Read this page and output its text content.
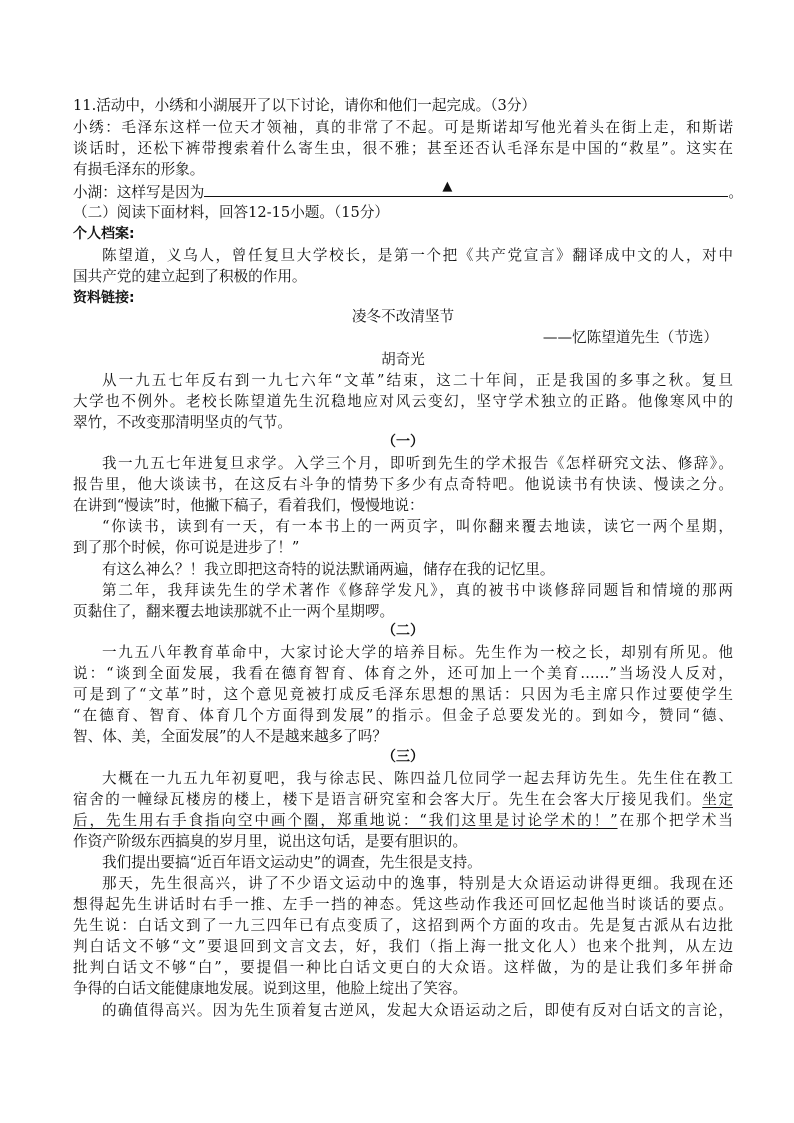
11.活动中，小绣和小湖展开了以下讨论，请你和他们一起完成。（3分）
小绣：毛泽东这样一位天才领袖，真的非常了不起。可是斯诺却写他光着头在街上走，和斯诺
谈话时，还松下裤带搜索着什么寄生虫，很不雅；甚至还否认毛泽东是中国的“救星”。这实在
有损毛泽东的形象。
小湖：这样写是因为	▲	。
（二）阅读下面材料，回答12-15小题。（15分）
个人档案:
陈望道，义乌人，曾任复旦大学校长，是第一个把《共产党宣言》翻译成中文的人，对中
国共产党的建立起到了积极的作用。
资料链接:
凌冬不改清坚节
——忆陈望道先生（节选）
胡奇光
从一九五七年反右到一九七六年“文革”结束，这二十年间，正是我国的多事之秋。复旦
大学也不例外。老校长陈望道先生沉稳地应对风云变幻，坚守学术独立的正路。他像寒风中的
翠竹，不改变那清明坚贞的气节。
（一）
我一九五七年进复旦求学。入学三个月，即听到先生的学术报告《怎样研究文法、修辞》。
报告里，他大谈读书，在这反右斗争的情势下多少有点奇特吧。他说读书有快读、慢读之分。
在讲到“慢读”时，他撇下稿子，看着我们，慢慢地说：
“你读书，读到有一天，有一本书上的一两页字，叫你翻来覆去地读，读它一两个星期，
到了那个时候，你可说是进步了！”
有这么神么？！我立即把这奇特的说法默诵两遍，储存在我的记忆里。
第二年，我拜读先生的学术著作《修辞学发凡》，真的被书中谈修辞同题旨和情境的那两
页黏住了，翻来覆去地读那就不止一两个星期啰。
（二）
一九五八年教育革命中，大家讨论大学的培养目标。先生作为一校之长，却别有所见。他
说：“谈到全面发展，我看在德育智育、体育之外，还可加上一个美育……”当场没人反对，
可是到了“文革”时，这个意见竟被打成反毛泽东思想的黑话：只因为毛主席只作过要使学生
“在德育、智育、体育几个方面得到发展”的指示。但金子总要发光的。到如今，赞同“德、
智、体、美，全面发展”的人不是越来越多了吗？
（三）
大概在一九五九年初夏吧，我与徐志民、陈四益几位同学一起去拜访先生。先生住在教工
宿舍的一幢绿瓦楼房的楼上，楼下是语言研究室和会客大厅。先生在会客大厅接见我们。坐定
后，先生用右手食指向空中画个圈，郑重地说：“我们这里是讨论学术的！”在那个把学术当
作资产阶级东西搞臭的岁月里，说出这句话，是要有胆识的。
我们提出要搞“近百年语文运动史”的调查，先生很是支持。
那天，先生很高兴，讲了不少语文运动中的逸事，特别是大众语运动讲得更细。我现在还
想得起先生讲话时右手一推、左手一挡的神态。凭这些动作我还可回忆起他当时谈话的要点。
先生说：白话文到了一九三四年已有点变质了，这招到两个方面的攻击。先是复古派从右边批
判白话文不够“文”要退回到文言文去，好，我们（指上海一批文化人）也来个批判，从左边
批判白话文不够“白”，要提倡一种比白话文更白的大众语。这样做，为的是让我们多年拼命
争得的白话文能健康地发展。说到这里，他脸上绽出了笑容。
的确值得高兴。因为先生顶着复古逆风，发起大众语运动之后，即使有反对白话文的言论，
